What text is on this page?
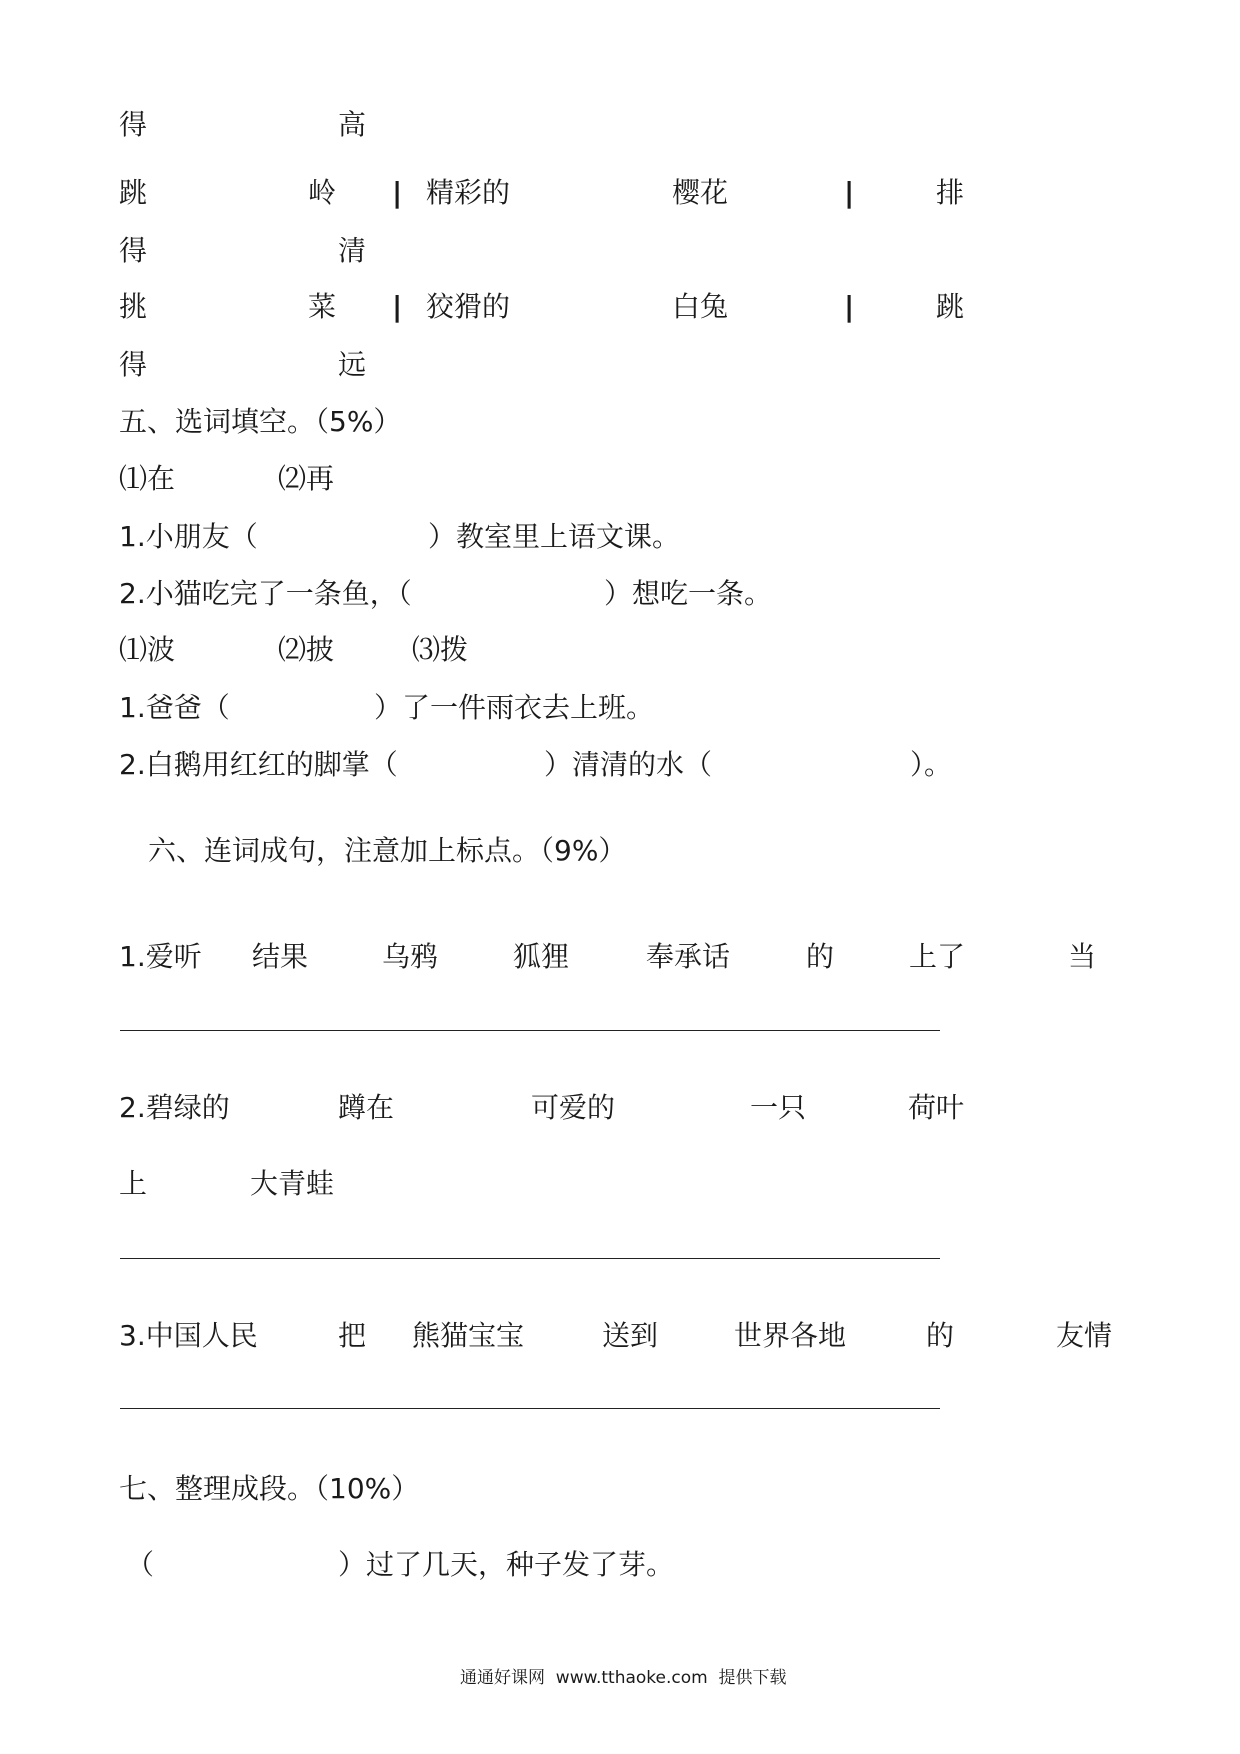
得	高
跳	岭 | 精彩的	樱花	|	排
得	清
挑	菜 | 狡猾的	白兔	|	跳
得	远
五、选词填空。（5%）
⑴在	⑵再
1.小朋友（	）教室里上语文课。
2.小猫吃完了一条鱼，（	）想吃一条。
⑴波	⑵披	⑶拨
1.爸爸（	）了一件雨衣去上班。
2.白鹅用红红的脚掌（	）清清的水（	）。
六、连词成句，注意加上标点。（9%）
1.爱听 结果	乌鸦	狐狸	奉承话	的	上了	当
2.碧绿的	蹲在	可爱的	一只	荷叶
上	大青蛙
3.中国人民	把 熊猫宝宝	送到	世界各地	的	友情
七、整理成段。（10%）
（	）过了几天，种子发了芽。
通通好课网  www.tthaoke.com  提供下载
